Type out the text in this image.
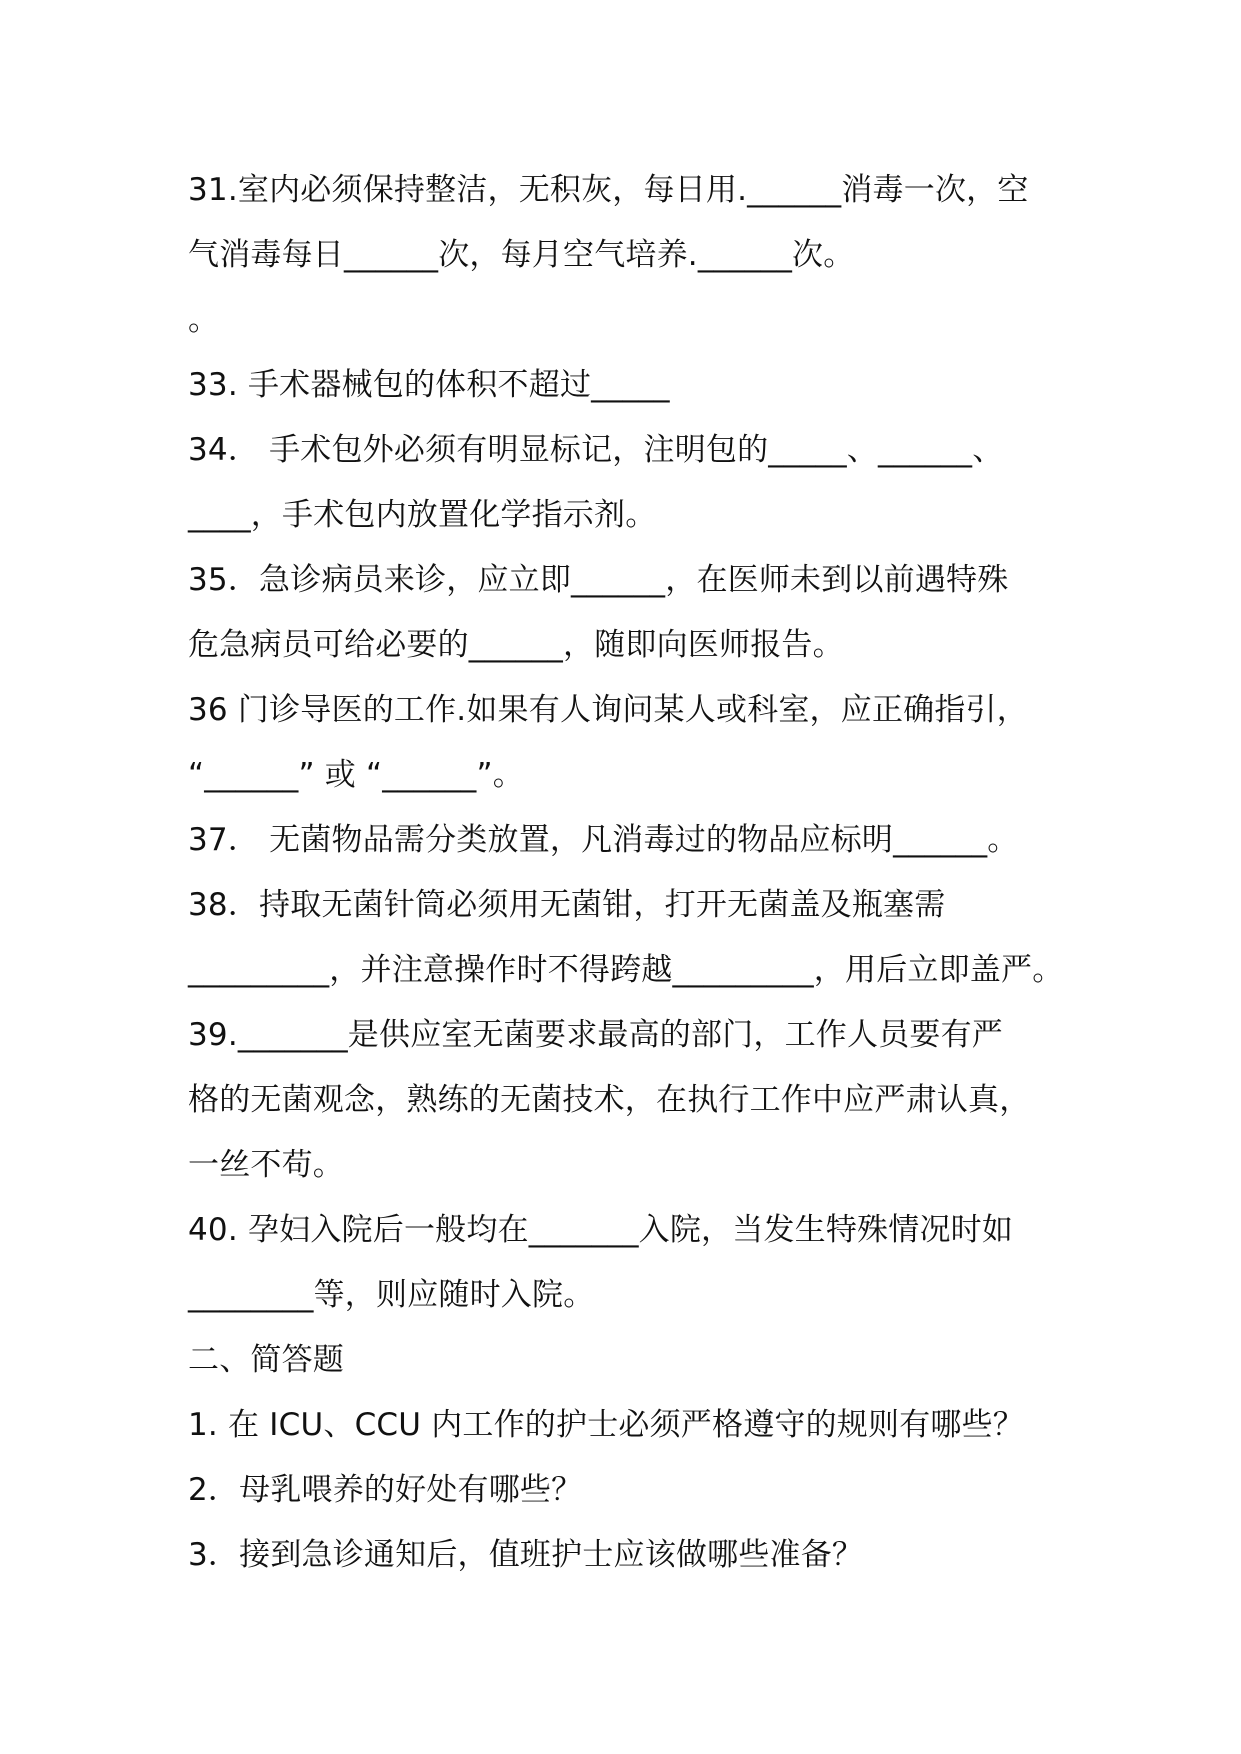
31.室内必须保持整洁，无积灰，每日用.______消毒一次，空
气消毒每日______次，每月空气培养.______次。
。
33. 手术器械包的体积不超过_____
34． 手术包外必须有明显标记，注明包的_____、______、
____，手术包内放置化学指示剂。
35．急诊病员来诊，应立即______，在医师未到以前遇特殊
危急病员可给必要的______，随即向医师报告。
36 门诊导医的工作.如果有人询问某人或科室，应正确指引，
“______” 或 “______”。
37． 无菌物品需分类放置，凡消毒过的物品应标明______。
38．持取无菌针筒必须用无菌钳，打开无菌盖及瓶塞需
_________，并注意操作时不得跨越_________，用后立即盖严。
39._______是供应室无菌要求最高的部门，工作人员要有严
格的无菌观念，熟练的无菌技术，在执行工作中应严肃认真，
一丝不苟。
40. 孕妇入院后一般均在_______入院，当发生特殊情况时如
________等，则应随时入院。
二、简答题
1. 在 ICU、CCU 内工作的护士必须严格遵守的规则有哪些？
2．母乳喂养的好处有哪些？
3．接到急诊通知后，值班护士应该做哪些准备？
